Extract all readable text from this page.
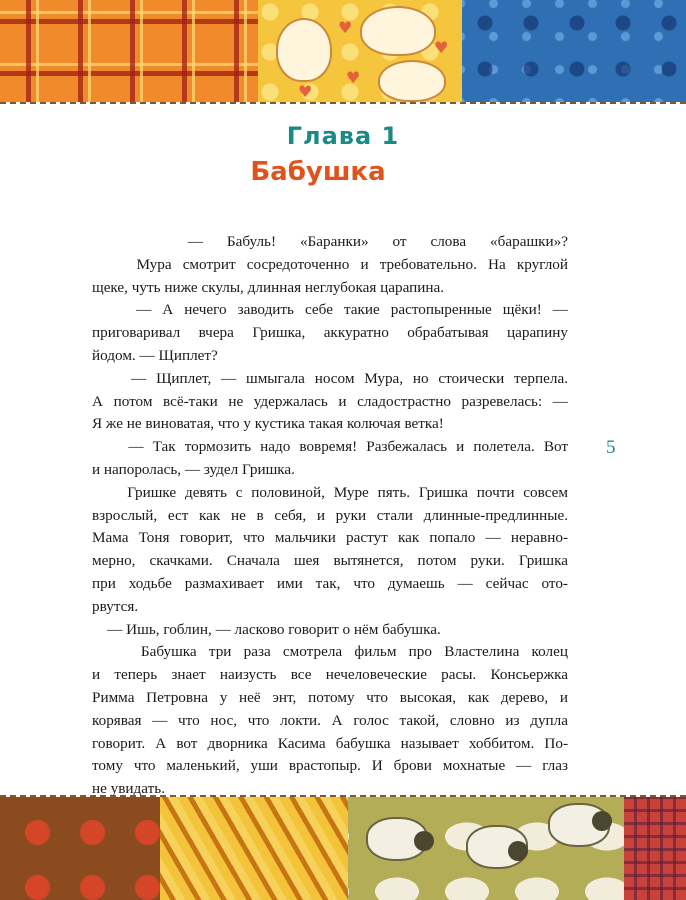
♥
♥
♥
♥
Глава 1
Бабушка
— Бабуль! «Баранки» от слова «барашки»?
Мура смотрит сосредоточенно и требовательно. На круглой
щеке, чуть ниже скулы, длинная неглубокая царапина.
— А нечего заводить себе такие растопыренные щёки! —
приговаривал вчера Гришка, аккуратно обрабатывая царапину
йодом. — Щиплет?
— Щиплет, — шмыгала носом Мура, но стоически терпела.
А потом всё-таки не удержалась и сладострастно разревелась: —
Я же не виноватая, что у кустика такая колючая ветка!
— Так тормозить надо вовремя! Разбежалась и полетела. Вот
и напоролась, — зудел Гришка.
Гришке девять с половиной, Муре пять. Гришка почти совсем
взрослый, ест как не в себя, и руки стали длинные-предлинные.
Мама Тоня говорит, что мальчики растут как попало — неравно-
мерно, скачками. Сначала шея вытянется, потом руки. Гришка
при ходьбе размахивает ими так, что думаешь — сейчас ото-
рвутся.
— Ишь, гоблин, — ласково говорит о нём бабушка.
Бабушка три раза смотрела фильм про Властелина колец
и теперь знает наизусть все нечеловеческие расы. Консьержка
Римма Петровна у неё энт, потому что высокая, как дерево, и
корявая — что нос, что локти. А голос такой, словно из дупла
говорит. А вот дворника Касима бабушка называет хоббитом. По-
тому что маленький, уши врастопыр. И брови мохнатые — глаз
не увидать.
5
